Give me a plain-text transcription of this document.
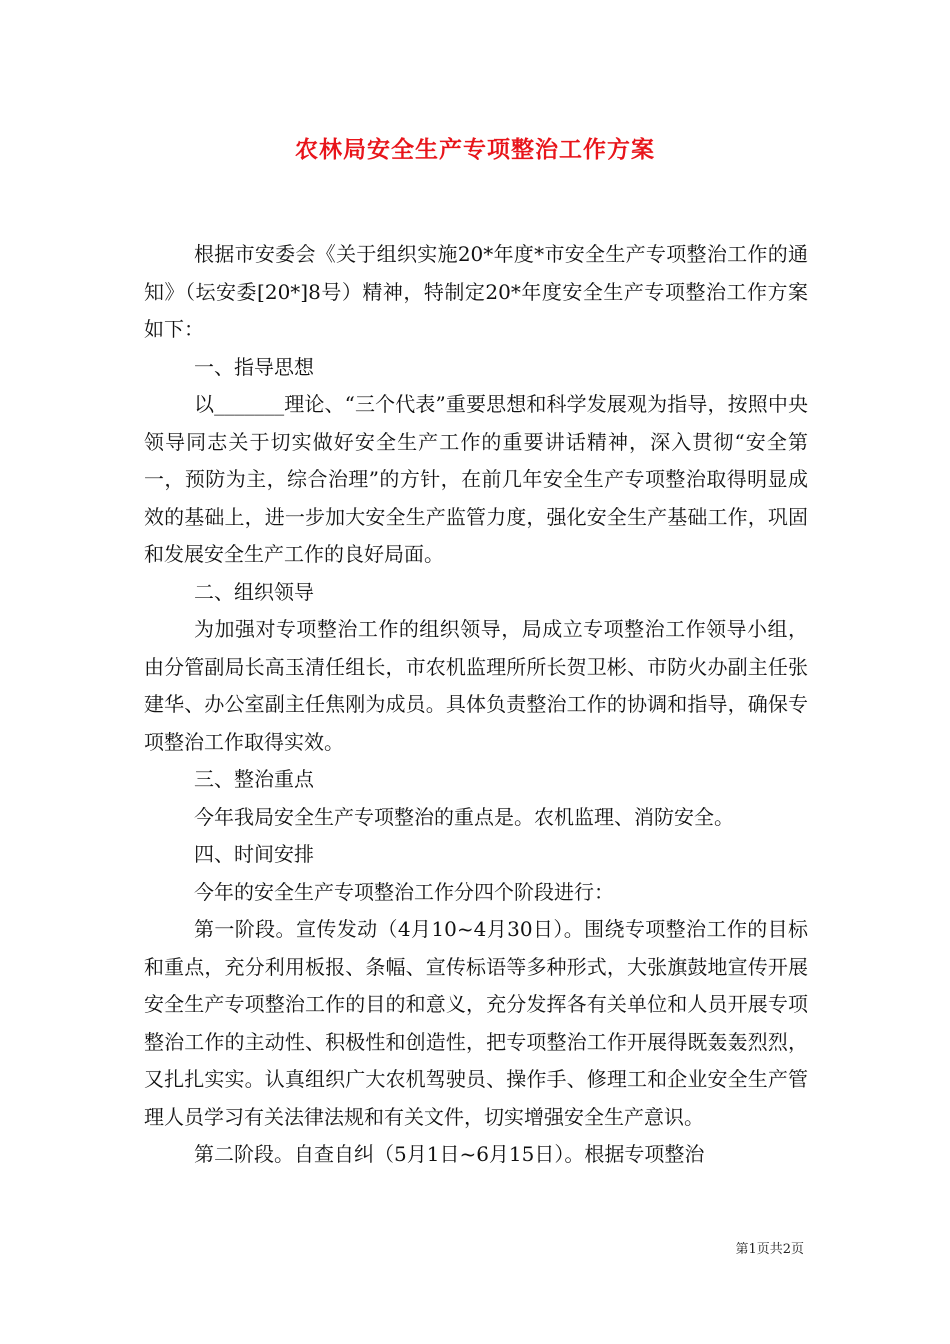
农林局安全生产专项整治工作方案

根据市安委会《关于组织实施20*年度*市安全生产专项整治工作的通知》（坛安委[20*]8号）精神，特制定20*年度安全生产专项整治工作方案如下：

一、指导思想

以_______理论、“三个代表”重要思想和科学发展观为指导，按照中央领导同志关于切实做好安全生产工作的重要讲话精神，深入贯彻“安全第一，预防为主，综合治理”的方针，在前几年安全生产专项整治取得明显成效的基础上，进一步加大安全生产监管力度，强化安全生产基础工作，巩固和发展安全生产工作的良好局面。

二、组织领导

为加强对专项整治工作的组织领导，局成立专项整治工作领导小组，由分管副局长高玉清任组长，市农机监理所所长贺卫彬、市防火办副主任张建华、办公室副主任焦刚为成员。具体负责整治工作的协调和指导，确保专项整治工作取得实效。

三、整治重点

今年我局安全生产专项整治的重点是。农机监理、消防安全。

四、时间安排

今年的安全生产专项整治工作分四个阶段进行：

第一阶段。宣传发动（4月10~4月30日）。围绕专项整治工作的目标和重点，充分利用板报、条幅、宣传标语等多种形式，大张旗鼓地宣传开展安全生产专项整治工作的目的和意义，充分发挥各有关单位和人员开展专项整治工作的主动性、积极性和创造性，把专项整治工作开展得既轰轰烈烈，又扎扎实实。认真组织广大农机驾驶员、操作手、修理工和企业安全生产管理人员学习有关法律法规和有关文件，切实增强安全生产意识。

第二阶段。自查自纠（5月1日~6月15日）。根据专项整治

第1页共2页
